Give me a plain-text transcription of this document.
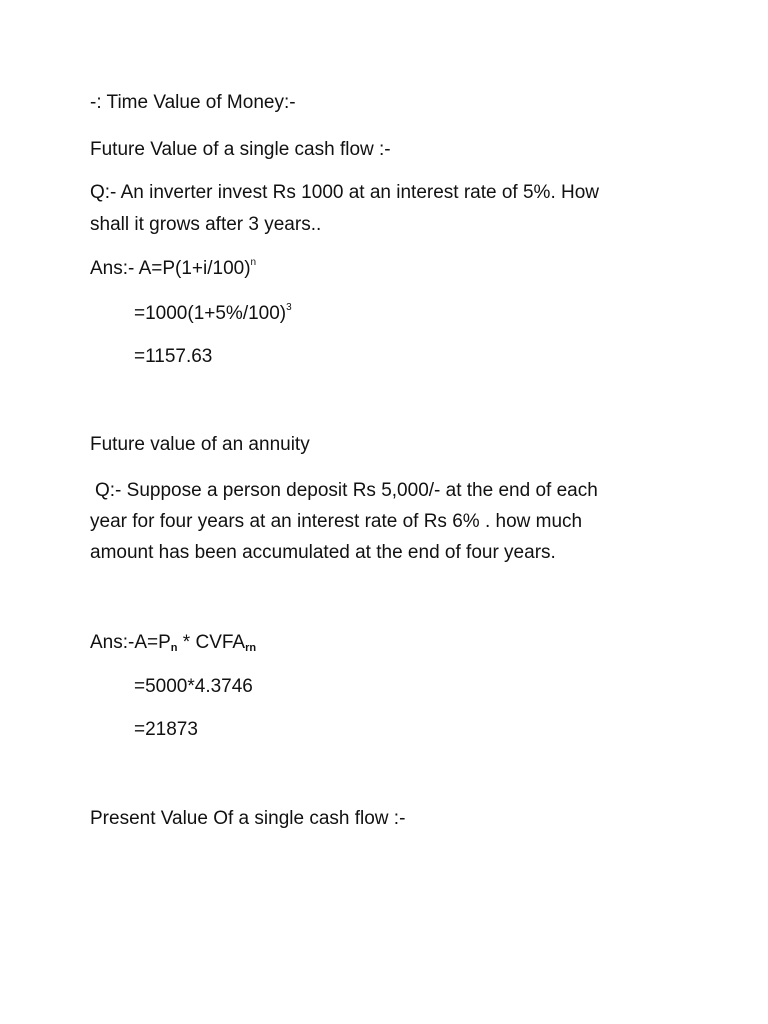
-: Time Value of Money:-
Future Value of a single cash flow :-
Q:- An inverter invest Rs 1000 at an interest rate of 5%. How
shall it grows after 3 years..
Ans:- $A=P(1+i/100)^n$
$=1000(1+5\%/100)^3$
=1157.63
Future value of an annuity
Q:- Suppose a person deposit Rs 5,000/- at the end of each
year for four years at an interest rate of Rs 6% . how much
amount has been accumulated at the end of four years.
$Ans:-A=P_n$ * $CVFA_{rn}$
=5000*4.3746
=21873
Present Value Of a single cash flow :-
